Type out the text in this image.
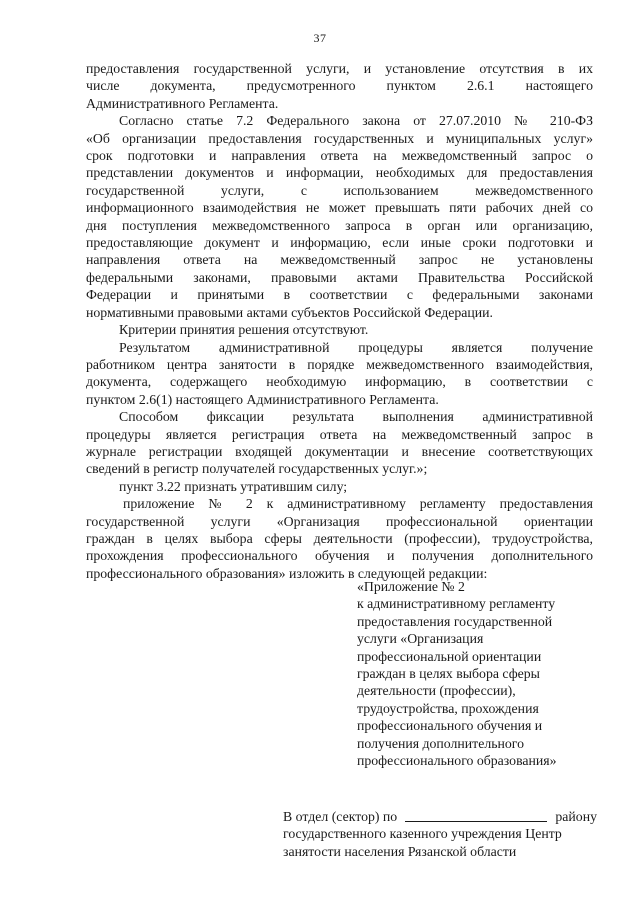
37

предоставления государственной услуги, и установление отсутствия в их
числе документа, предусмотренного пунктом 2.6.1 настоящего
Административного Регламента.

Согласно статье 7.2 Федерального закона от 27.07.2010 № 210-ФЗ
«Об организации предоставления государственных и муниципальных услуг»
срок подготовки и направления ответа на межведомственный запрос о
представлении документов и информации, необходимых для предоставления
государственной услуги, с использованием межведомственного
информационного взаимодействия не может превышать пяти рабочих дней со
дня поступления межведомственного запроса в орган или организацию,
предоставляющие документ и информацию, если иные сроки подготовки и
направления ответа на межведомственный запрос не установлены
федеральными законами, правовыми актами Правительства Российской
Федерации и принятыми в соответствии с федеральными законами
нормативными правовыми актами субъектов Российской Федерации.

Критерии принятия решения отсутствуют.

Результатом административной процедуры является получение
работником центра занятости в порядке межведомственного взаимодействия,
документа, содержащего необходимую информацию, в соответствии с
пунктом 2.6(1) настоящего Административного Регламента.

Способом фиксации результата выполнения административной
процедуры является регистрация ответа на межведомственный запрос в
журнале регистрации входящей документации и внесение соответствующих
сведений в регистр получателей государственных услуг.»;

пункт 3.22 признать утратившим силу;

приложение № 2 к административному регламенту предоставления
государственной услуги «Организация профессиональной ориентации
граждан в целях выбора сферы деятельности (профессии), трудоустройства,
прохождения профессионального обучения и получения дополнительного
профессионального образования» изложить в следующей редакции:

«Приложение № 2
к административному регламенту
предоставления государственной
услуги «Организация
профессиональной ориентации
граждан в целях выбора сферы
деятельности (профессии),
трудоустройства, прохождения
профессионального обучения и
получения дополнительного
профессионального образования»
В отдел (сектор) по	району
государственного казенного учреждения Центр
занятости населения Рязанской области
